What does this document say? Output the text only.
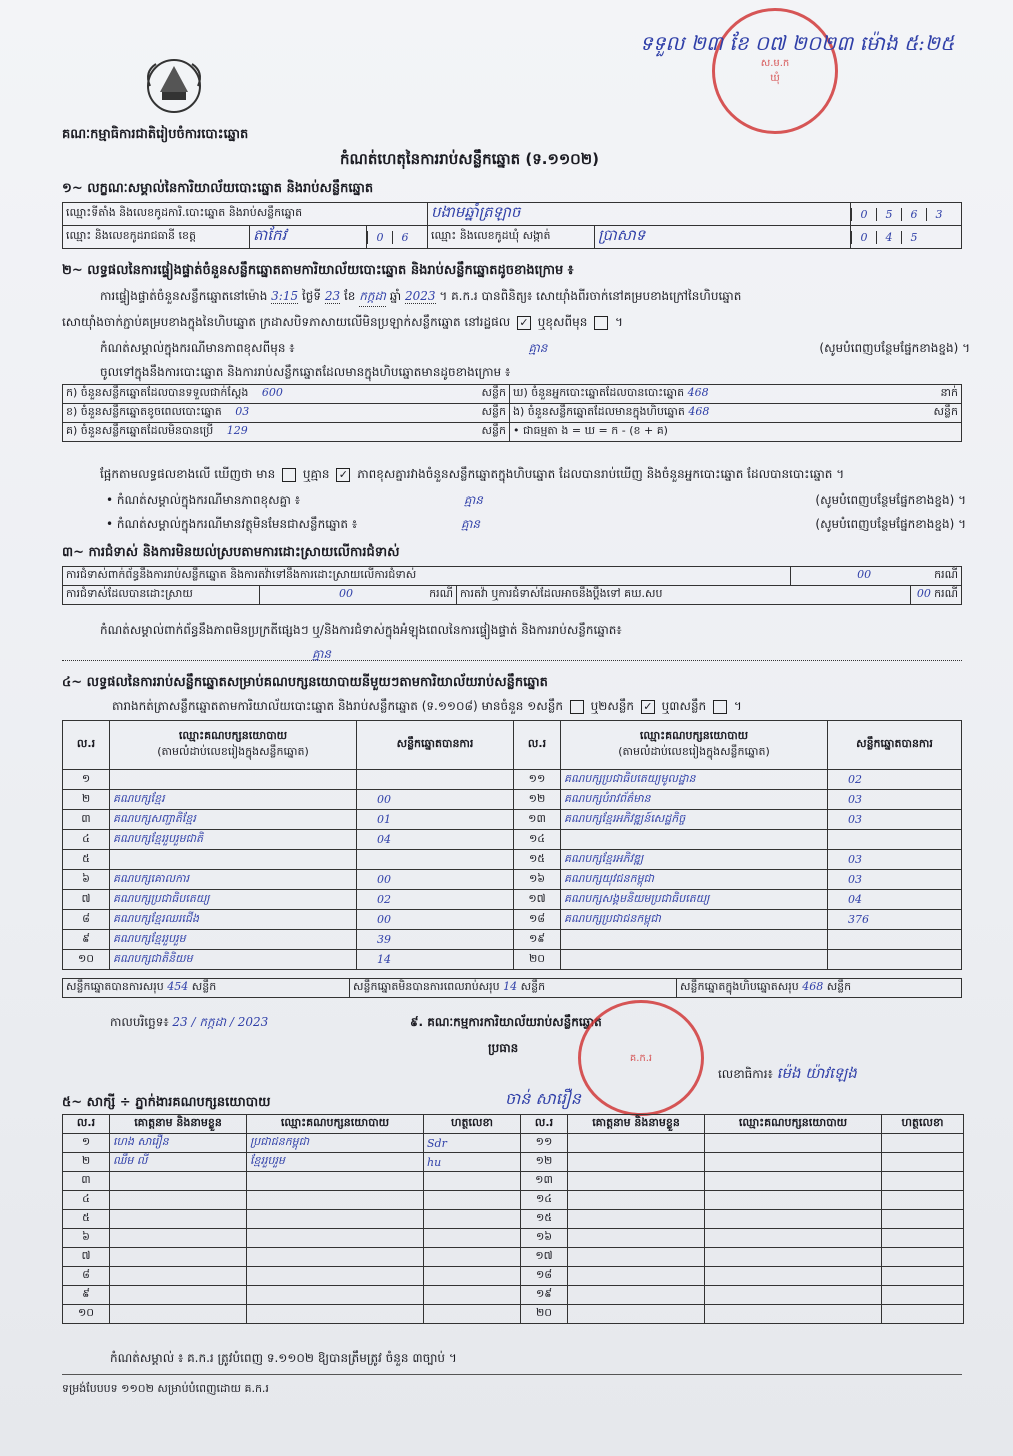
ស.ម.ក
ឃុំ
ទទួល ២៣ ខែ ០៧ ២០២៣ ម៉ោង ៥:២៥
គណៈកម្មាធិការជាតិរៀបចំការបោះឆ្នោត
កំណត់ហេតុនៃការរាប់សន្លឹកឆ្នោត (ទ.១១០២)
១~ លក្ខណៈសម្គាល់នៃការិយាល័យបោះឆ្នោត និងរាប់សន្លឹកឆ្នោត
ឈ្មោះទីតាំង និងលេខកូដការិ.បោះឆ្នោត និងរាប់សន្លឹកឆ្នោត			បងាមឆ្នាំត្រឡាច		0 5 6 3
ឈ្មោះ និងលេខកូដរាជធានី ខេត្ត	តាកែវ	0 6	ឈ្មោះ និងលេខកូដឃុំ សង្កាត់	ប្រាសាទ	0 4 5
២~ លទ្ធផលនៃការផ្ទៀងផ្ទាត់ចំនួនសន្លឹកឆ្នោតតាមការិយាល័យបោះឆ្នោត និងរាប់សន្លឹកឆ្នោតដូចខាងក្រោម ៖
ការផ្ទៀងផ្ទាត់ចំនួនសន្លឹកឆ្នោតនៅម៉ោង 3:15 ថ្ងៃទី 23 ខែ កក្កដា ឆ្នាំ 2023 ។ គ.ក.រ បានពិនិត្យ៖ សោយ៉ាំងពីរចាក់នៅគម្របខាងក្រៅនៃហិបឆ្នោត
សោយ៉ាំងចាក់ភ្ជាប់គម្របខាងក្នុងនៃហិបឆ្នោត ក្រដាសបិទភាសាយលើមិនប្រឡាក់សន្លឹកឆ្នោត នៅរដ្ឋផល ✓ ឬខុសពីមុន  ។
កំណត់សម្គាល់ក្នុងករណីមានភាពខុសពីមុន ៖	គ្មាន	(សូមបំពេញបន្ថែមផ្នែកខាងខ្នង) ។
ចូលទៅក្នុងនឹងការបោះឆ្នោត និងការរាប់សន្លឹកឆ្នោតដែលមានក្នុងហិបឆ្នោតមានដូចខាងក្រោម ៖
ក) ចំនួនសន្លឹកឆ្នោតដែលបានទទួលជាក់ស្តែង 600 សន្លឹក	ឃ) ចំនួនអ្នកបោះឆ្នោតដែលបានបោះឆ្នោត 468 នាក់

ខ) ចំនួនសន្លឹកឆ្នោតខូចពេលបោះឆ្នោត 03 សន្លឹក	ង) ចំនួនសន្លឹកឆ្នោតដែលមានក្នុងហិបឆ្នោត 468 សន្លឹក

គ) ចំនួនសន្លឹកឆ្នោតដែលមិនបានប្រើ 129 សន្លឹក	• ជាធម្មតា ង = ឃ = ក - (ខ + គ)
ផ្អែកតាមលទ្ធផលខាងលើ ឃើញថា មាន ឬគ្មាន ✓ ភាពខុសគ្នារវាងចំនួនសន្លឹកឆ្នោតក្នុងហិបឆ្នោត ដែលបានរាប់ឃើញ និងចំនួនអ្នកបោះឆ្នោត ដែលបានបោះឆ្នោត ។
• កំណត់សម្គាល់ក្នុងករណីមានភាពខុសគ្នា ៖	គ្មាន	(សូមបំពេញបន្ថែមផ្នែកខាងខ្នង) ។
• កំណត់សម្គាល់ក្នុងករណីមានវត្ថុមិនមែនជាសន្លឹកឆ្នោត ៖	គ្មាន	(សូមបំពេញបន្ថែមផ្នែកខាងខ្នង) ។
៣~ ការជំទាស់ និងការមិនយល់ស្របតាមការដោះស្រាយលើការជំទាស់
ការជំទាស់ពាក់ព័ន្ធនឹងការរាប់សន្លឹកឆ្នោត និងការតវ៉ាទៅនឹងការដោះស្រាយលើការជំទាស់			00 ករណី	

ការជំទាស់ដែលបានដោះស្រាយ	00 ករណី	ការតវ៉ា ឬការជំទាស់ដែលអាចនឹងប្តឹងទៅ គឃ.សប		00 ករណី
កំណត់សម្គាល់ពាក់ព័ន្ធនឹងភាពមិនប្រក្រតីផ្សេងៗ ឬ/និងការជំទាស់ក្នុងអំឡុងពេលនៃការផ្ទៀងផ្ទាត់ និងការរាប់សន្លឹកឆ្នោត៖
គ្មាន
៤~ លទ្ធផលនៃការរាប់សន្លឹកឆ្នោតសម្រាប់គណបក្សនយោបាយនីមួយៗតាមការិយាល័យរាប់សន្លឹកឆ្នោត
តារាងកត់ត្រាសន្លឹកឆ្នោតតាមការិយាល័យបោះឆ្នោត និងរាប់សន្លឹកឆ្នោត (ទ.១១០៨) មានចំនួន ១សន្លឹក ឬ២សន្លឹក ✓ ឬ៣សន្លឹក  ។
ល.រ	ឈ្មោះគណបក្សនយោបាយ
(តាមលំដាប់លេខរៀងក្នុងសន្លឹកឆ្នោត)	សន្លឹកឆ្នោតបានការ	ល.រ	ឈ្មោះគណបក្សនយោបាយ
(តាមលំដាប់លេខរៀងក្នុងសន្លឹកឆ្នោត)	សន្លឹកឆ្នោតបានការ
១			១១	គណបក្សប្រជាធិបតេយ្យមូលដ្ឋាន	02
២	គណបក្សខ្មែរ	00	១២	គណបក្សបំរាវព័ត៌មាន	03
៣	គណបក្សសញ្ជាតិខ្មែរ	01	១៣	គណបក្សខ្មែរអភិវឌ្ឍន៍សេដ្ឋកិច្ច	03
៤	គណបក្សខ្មែររួបរួមជាតិ	04	១៤		
៥			១៥	គណបក្សខ្មែរអភិវឌ្ឍ	03
៦	គណបក្សគោលការ	00	១៦	គណបក្សយុវជនកម្ពុជា	03
៧	គណបក្សប្រជាធិបតេយ្យ	02	១៧	គណបក្សសង្គមនិយមប្រជាធិបតេយ្យ	04
៨	គណបក្សខ្មែរឈរជើង	00	១៨	គណបក្សប្រជាជនកម្ពុជា	376
៩	គណបក្សខ្មែររួបរួម	39	១៩		
១០	គណបក្សជាតិនិយម	14	២០		
សន្លឹកឆ្នោតបានការសរុប 454 សន្លឹក	សន្លឹកឆ្នោតមិនបានការពេលរាប់សរុប 14 សន្លឹក	សន្លឹកឆ្នោតក្នុងហិបឆ្នោតសរុប 468 សន្លឹក
កាលបរិច្ឆេទ៖ 23 / កក្កដា / 2023	៩. គណៈកម្មការការិយាល័យរាប់សន្លឹកឆ្នោត
ប្រធាន
គ.ក.រ
ចាន់ សារឿន
លេខាធិការ៖ ម៉េង យ៉ាវឡេង
៥~ សាក្សី ÷ ភ្នាក់ងារគណបក្សនយោបាយ
ល.រ	គោត្តនាម និងនាមខ្លួន	ឈ្មោះគណបក្សនយោបាយ	ហត្ថលេខា	ល.រ	គោត្តនាម និងនាមខ្លួន	ឈ្មោះគណបក្សនយោបាយ	ហត្ថលេខា
១	ហេង សារឿន	ប្រជាជនកម្ពុជា	Sdr	១១			
២	ឈឹម លី	ខ្មែររួបរួម	hu	១២			
៣				១៣			
៤				១៤			
៥				១៥			
៦				១៦			
៧				១៧			
៨				១៨			
៩				១៩			
១០				២០			
កំណត់សម្គាល់ ៖ គ.ក.រ ត្រូវបំពេញ ទ.១១០២ ឱ្យបានត្រឹមត្រូវ ចំនួន ៣ច្បាប់ ។
ទម្រង់បែបបទ ១១០២ សម្រាប់បំពេញដោយ គ.ក.រ
